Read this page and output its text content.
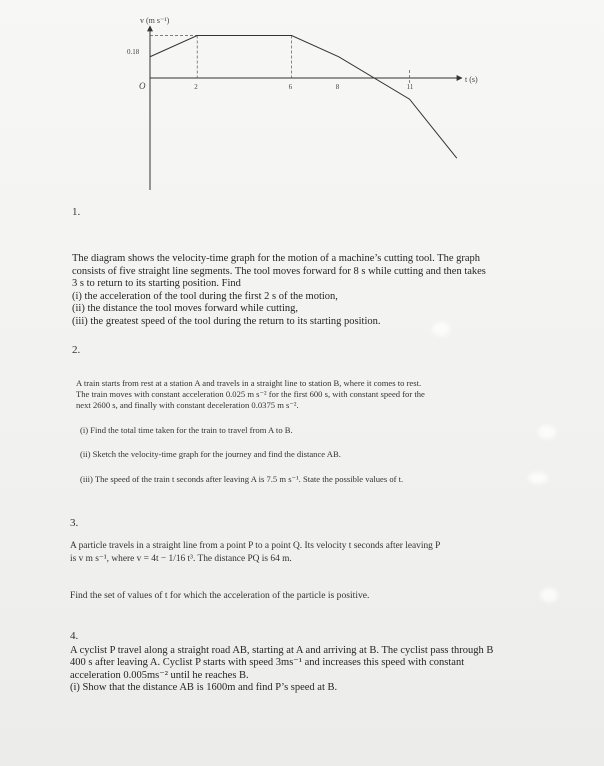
v (m s⁻¹)
t (s)
O
0.18
2	6	8	11
1.
The diagram shows the velocity-time graph for the motion of a machine’s cutting tool. The graph
consists of five straight line segments. The tool moves forward for 8 s while cutting and then takes
3 s to return to its starting position. Find
(i) the acceleration of the tool during the first 2 s of the motion,
(ii) the distance the tool moves forward while cutting,
(iii) the greatest speed of the tool during the return to its starting position.
2.
A train starts from rest at a station A and travels in a straight line to station B, where it comes to rest.
The train moves with constant acceleration 0.025 m s⁻² for the first 600 s, with constant speed for the
next 2600 s, and finally with constant deceleration 0.0375 m s⁻².
(i) Find the total time taken for the train to travel from A to B.
(ii) Sketch the velocity-time graph for the journey and find the distance AB.
(iii) The speed of the train t seconds after leaving A is 7.5 m s⁻¹. State the possible values of t.
3.
A particle travels in a straight line from a point P to a point Q. Its velocity t seconds after leaving P
is v m s⁻¹, where v = 4t − 1/16 t³. The distance PQ is 64 m.
Find the set of values of t for which the acceleration of the particle is positive.
4.
A cyclist P travel along a straight road AB, starting at A and arriving at B. The cyclist pass through B
400 s after leaving A. Cyclist P starts with speed 3ms⁻¹ and increases this speed with constant
acceleration 0.005ms⁻² until he reaches B.
(i) Show that the distance AB is 1600m and find P’s speed at B.
